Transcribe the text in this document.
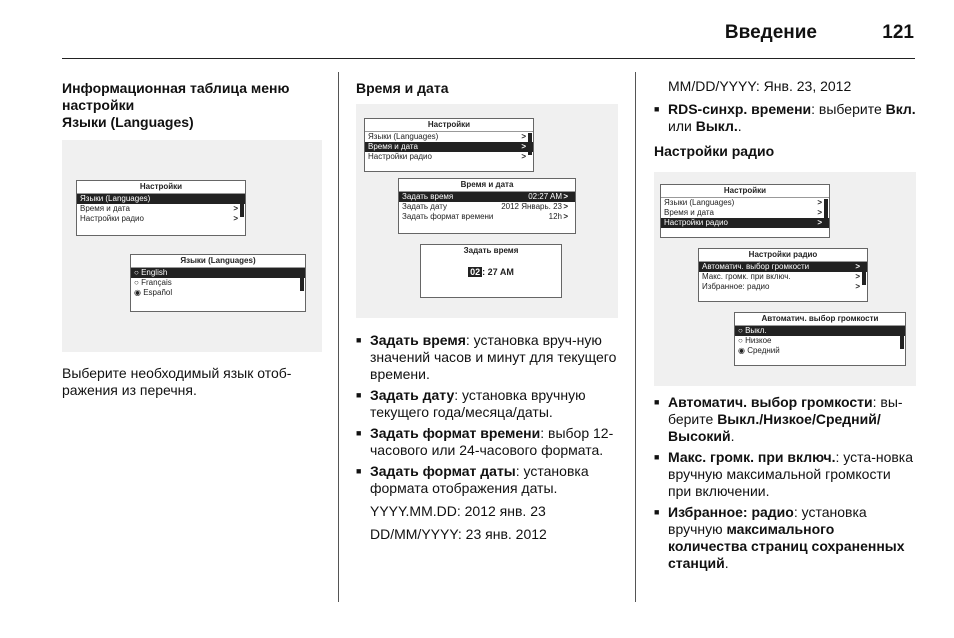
Введение	121
Информационная таблица меню настройки
Языки (Languages)
Настройки
Языки (Languages)
Время и дата	>
Настройки радио	>
Языки (Languages)
○ English
○ Français
◉ Español
Выберите необходимый язык отоб-ражения из перечня.
Время и дата
Настройки
Языки (Languages)	>
Время и дата	>
Настройки радио	>
Время и дата
Задать время	02:27 AM >
Задать дату	2012 Январь. 23 >
Задать формат времени	12h >
Задать время
02 : 27 AM
■ Задать время: установка вруч-ную значений часов и минут для текущего времени.
■ Задать дату: установка вручную текущего года/месяца/даты.
■ Задать формат времени: выбор 12-часового или 24-часового формата.
■ Задать формат даты: установка формата отображения даты.
YYYY.MM.DD: 2012 янв. 23
DD/MM/YYYY: 23 янв. 2012
MM/DD/YYYY: Янв. 23, 2012
■ RDS-синхр. времени: выберите Вкл. или Выкл..
Настройки радио
Настройки
Языки (Languages)	>
Время и дата	>
Настройки радио	>
Настройки радио
Автоматич. выбор громкости	>
Макс. громк. при включ.	>
Избранное: радио	>
Автоматич. выбор громкости
○ Выкл.
○ Низкое
◉ Средний
■ Автоматич. выбор громкости: вы-берите Выкл./Низкое/Средний/Высокий.
■ Макс. громк. при включ.: уста-новка вручную максимальной громкости при включении.
■ Избранное: радио: установка вручную максимального количества страниц сохраненных станций.
